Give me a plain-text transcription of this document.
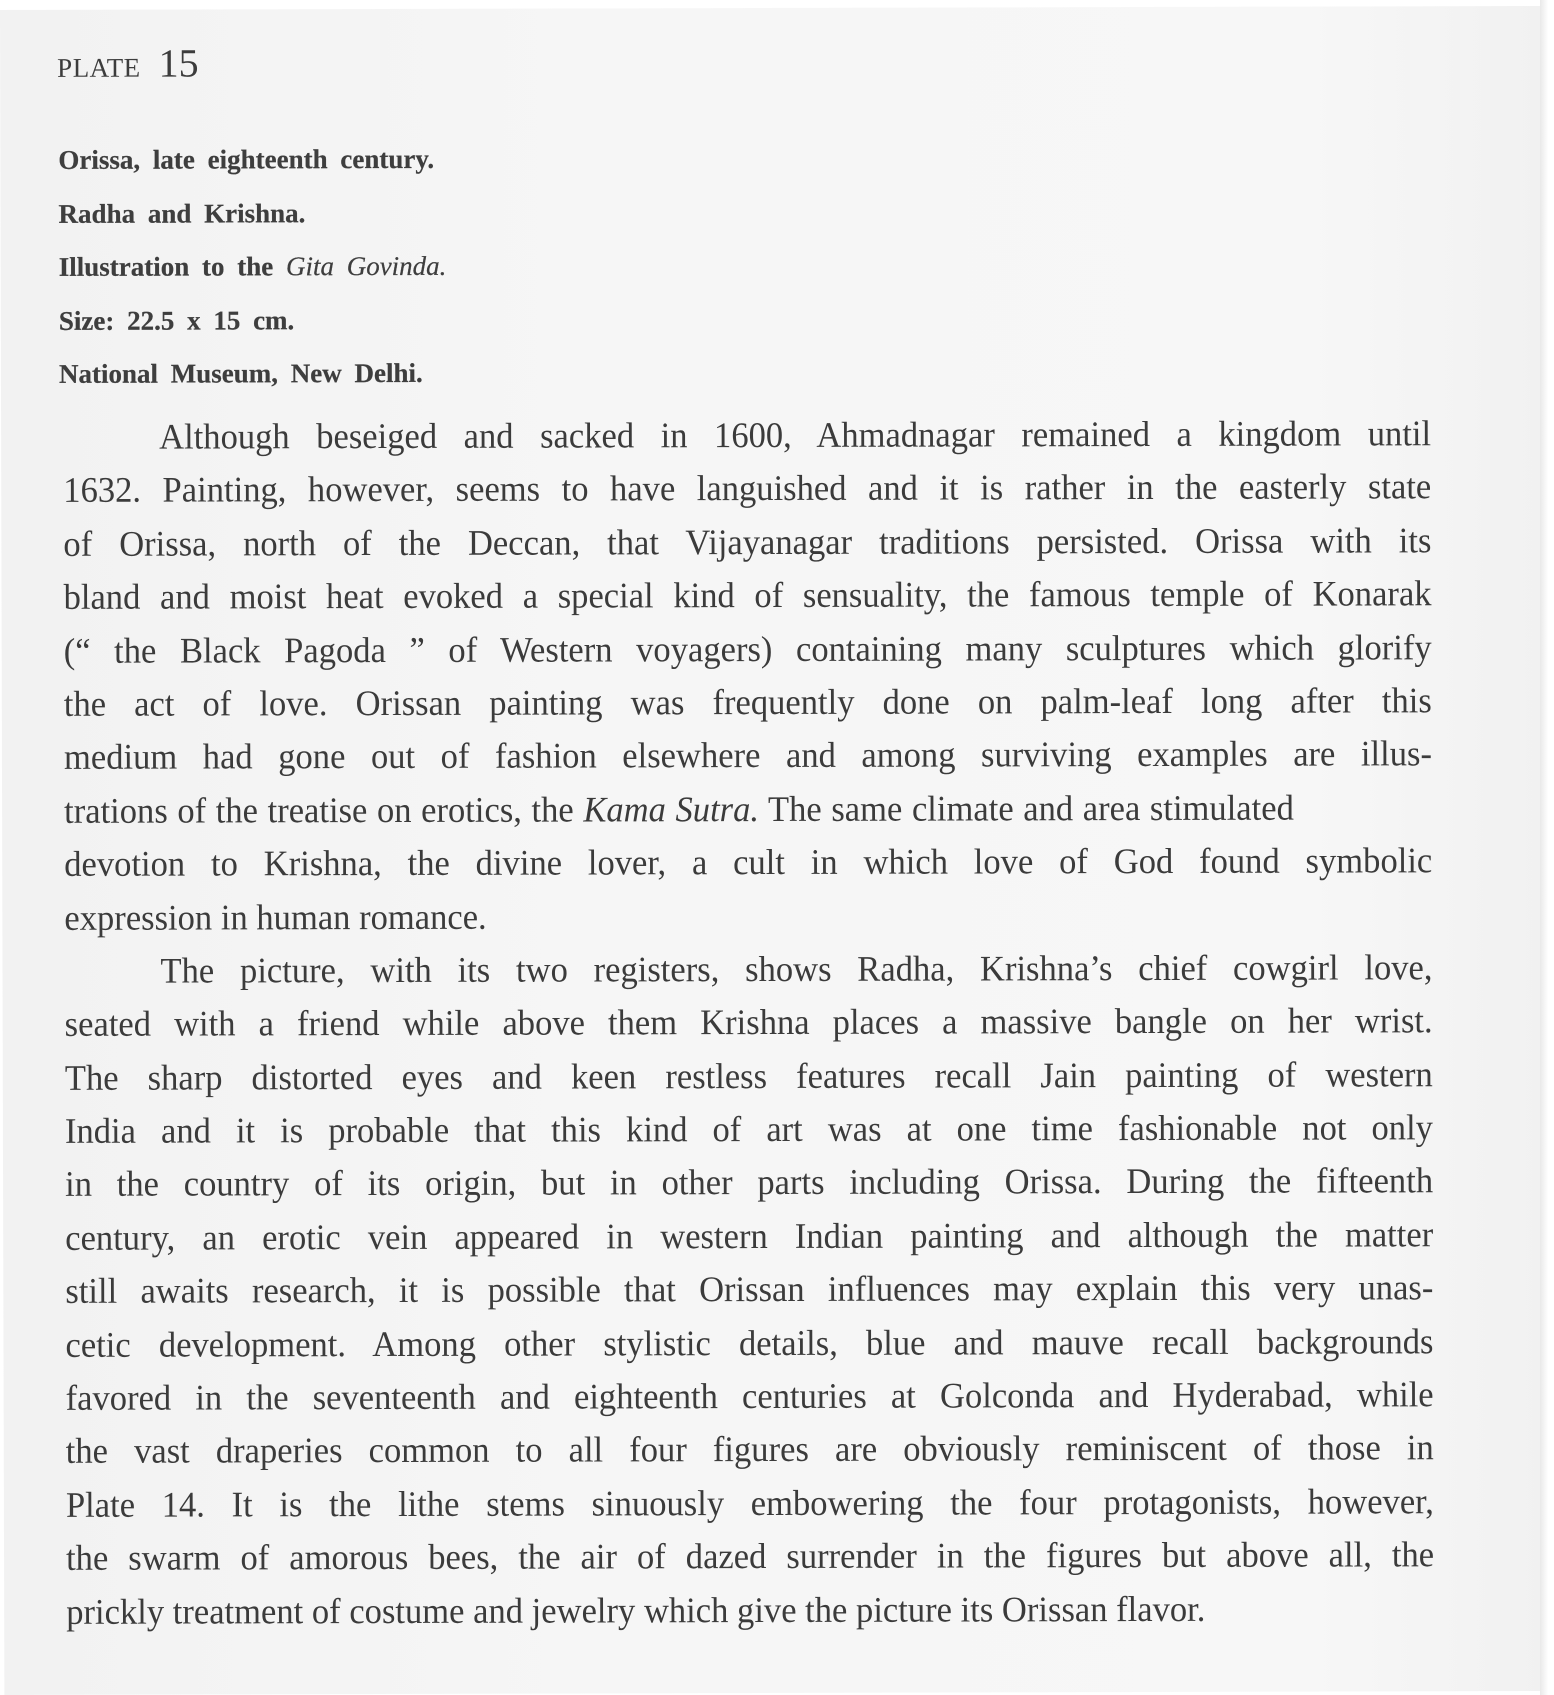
PLATE 15
Orissa, late eighteenth century.
Radha and Krishna.
Illustration to the Gita Govinda.
Size: 22.5 x 15 cm.
National Museum, New Delhi.
Although beseiged and sacked in 1600, Ahmadnagar remained a kingdom until
1632. Painting, however, seems to have languished and it is rather in the easterly state
of Orissa, north of the Deccan, that Vijayanagar traditions persisted. Orissa with its
bland and moist heat evoked a special kind of sensuality, the famous temple of Konarak
(“ the Black Pagoda ” of Western voyagers) containing many sculptures which glorify
the act of love. Orissan painting was frequently done on palm-leaf long after this
medium had gone out of fashion elsewhere and among surviving examples are illus-
trations of the treatise on erotics, the Kama Sutra. The same climate and area stimulated
devotion to Krishna, the divine lover, a cult in which love of God found symbolic
expression in human romance.
The picture, with its two registers, shows Radha, Krishna’s chief cowgirl love,
seated with a friend while above them Krishna places a massive bangle on her wrist.
The sharp distorted eyes and keen restless features recall Jain painting of western
India and it is probable that this kind of art was at one time fashionable not only
in the country of its origin, but in other parts including Orissa. During the fifteenth
century, an erotic vein appeared in western Indian painting and although the matter
still awaits research, it is possible that Orissan influences may explain this very unas-
cetic development. Among other stylistic details, blue and mauve recall backgrounds
favored in the seventeenth and eighteenth centuries at Golconda and Hyderabad, while
the vast draperies common to all four figures are obviously reminiscent of those in
Plate 14. It is the lithe stems sinuously embowering the four protagonists, however,
the swarm of amorous bees, the air of dazed surrender in the figures but above all, the
prickly treatment of costume and jewelry which give the picture its Orissan flavor.
